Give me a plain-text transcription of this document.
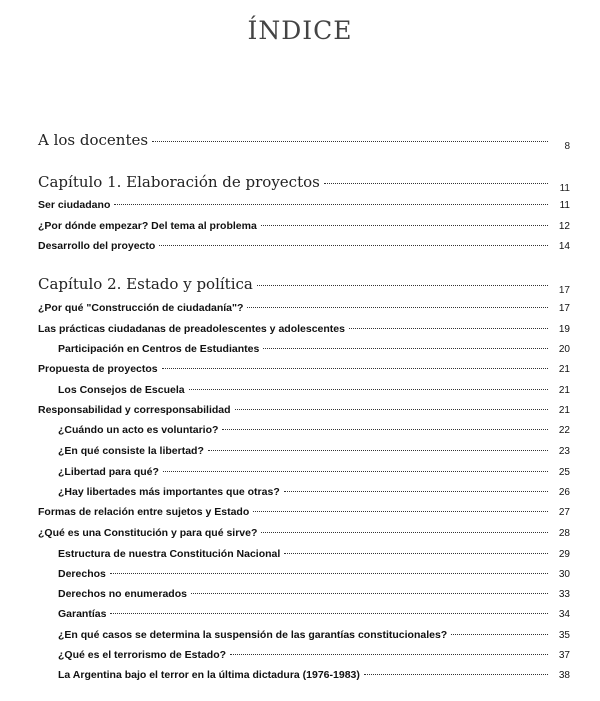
ÍNDICE
A los docentes	8
Capítulo 1. Elaboración de proyectos	11
Ser ciudadano	11
¿Por dónde empezar? Del tema al problema	12
Desarrollo del proyecto	14
Capítulo 2. Estado y política	17
¿Por qué "Construcción de ciudadanía"?	17
Las prácticas ciudadanas de preadolescentes y adolescentes	19
Participación en Centros de Estudiantes	20
Propuesta de proyectos	21
Los Consejos de Escuela	21
Responsabilidad y corresponsabilidad	21
¿Cuándo un acto es voluntario?	22
¿En qué consiste la libertad?	23
¿Libertad para qué?	25
¿Hay libertades más importantes que otras?	26
Formas de relación entre sujetos y Estado	27
¿Qué es una Constitución y para qué sirve?	28
Estructura de nuestra Constitución Nacional	29
Derechos	30
Derechos no enumerados	33
Garantías	34
¿En qué casos se determina la suspensión de las garantías constitucionales?	35
¿Qué es el terrorismo de Estado?	37
La Argentina bajo el terror en la última dictadura (1976-1983)	38
